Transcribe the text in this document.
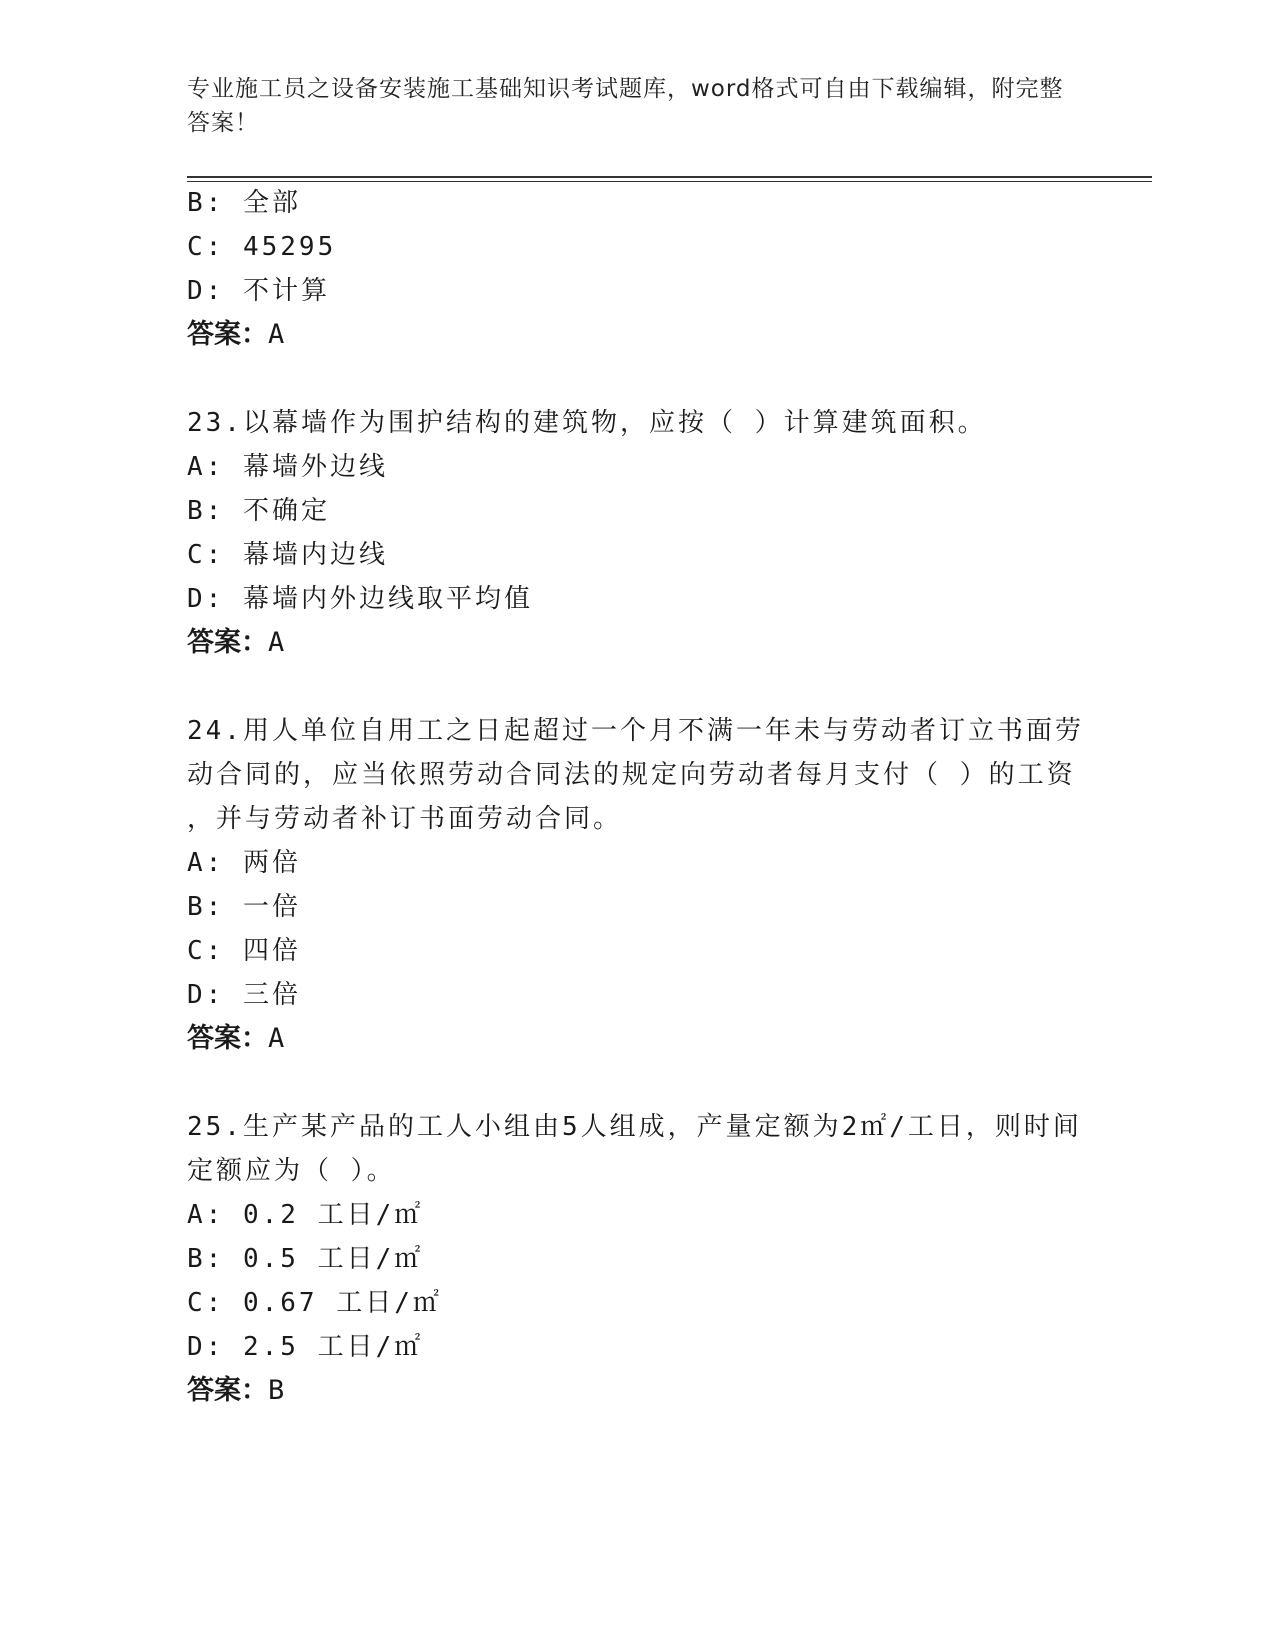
专业施工员之设备安装施工基础知识考试题库，word格式可自由下载编辑，附完整答案！
B: 全部
C: 45295
D: 不计算
答案：A
23.以幕墙作为围护结构的建筑物，应按（ ）计算建筑面积。
A: 幕墙外边线
B: 不确定
C: 幕墙内边线
D: 幕墙内外边线取平均值
答案：A
24.用人单位自用工之日起超过一个月不满一年未与劳动者订立书面劳
动合同的，应当依照劳动合同法的规定向劳动者每月支付（ ）的工资
，并与劳动者补订书面劳动合同。
A: 两倍
B: 一倍
C: 四倍
D: 三倍
答案：A
25.生产某产品的工人小组由5人组成，产量定额为2㎡/工日，则时间
定额应为（ ）。
A: 0.2 工日/㎡
B: 0.5 工日/㎡
C: 0.67 工日/㎡
D: 2.5 工日/㎡
答案：B
